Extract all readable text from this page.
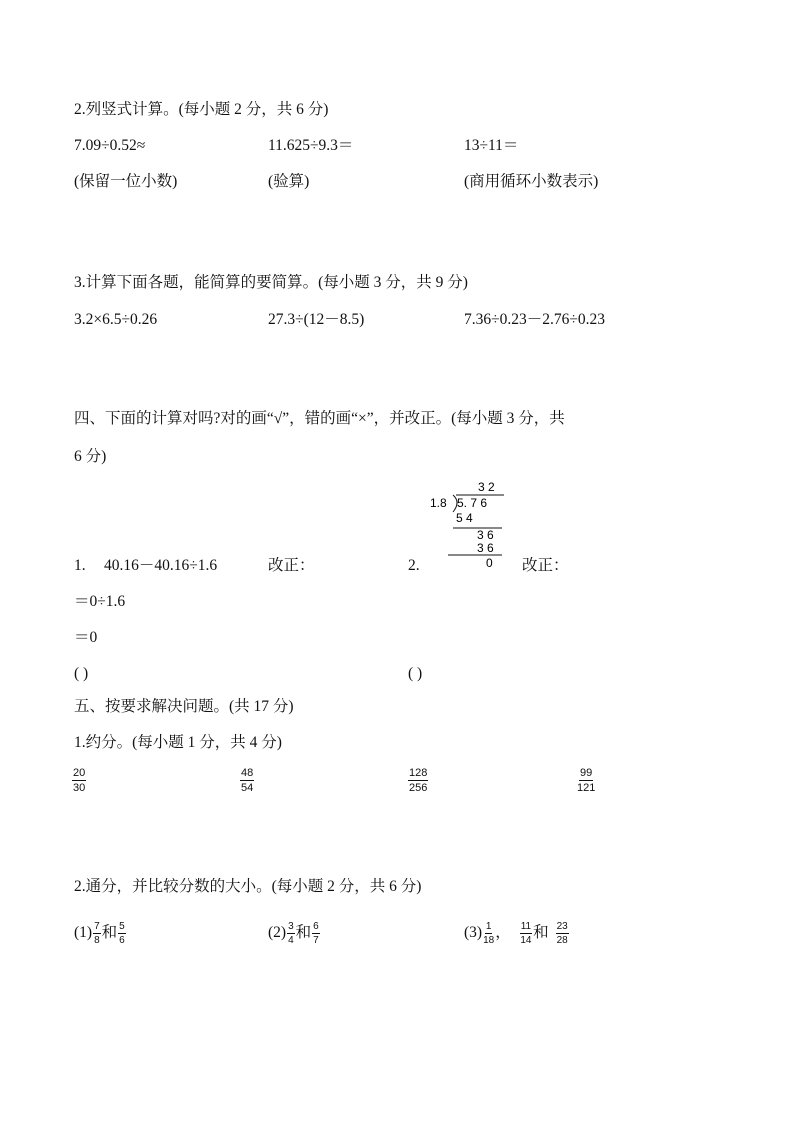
2.列竖式计算。(每小题 2 分，共 6 分)
7.09÷0.52≈	11.625÷9.3＝	13÷11＝
(保留一位小数)	(验算)	(商用循环小数表示)
3.计算下面各题，能简算的要简算。(每小题 3 分，共 9 分)
3.2×6.5÷0.26	27.3÷(12－8.5)	7.36÷0.23－2.76÷0.23
四、下面的计算对吗?对的画“√”，错的画“×”，并改正。(每小题 3 分，共
6 分)
3 2
1.8 5. 7 6
5 4
3 6
3 6
0
1. 40.16－40.16÷1.6	改正：	2.	改正：
＝0÷1.6
＝0
( )	( )
五、按要求解决问题。(共 17 分)
1.约分。(每小题 1 分，共 4 分)
$\frac{20}{30}$	$\frac{48}{54}$	$\frac{128}{256}$	$\frac{99}{121}$
2.通分，并比较分数的大小。(每小题 2 分，共 6 分)
$(1) \frac{7}{8}$ 和 $\frac{5}{6}$	$(2) \frac{3}{4}$ 和 $\frac{6}{7}$	$(3) \frac{1}{18}$ ， $\frac{11}{14}$ 和 $\frac{23}{28}$
